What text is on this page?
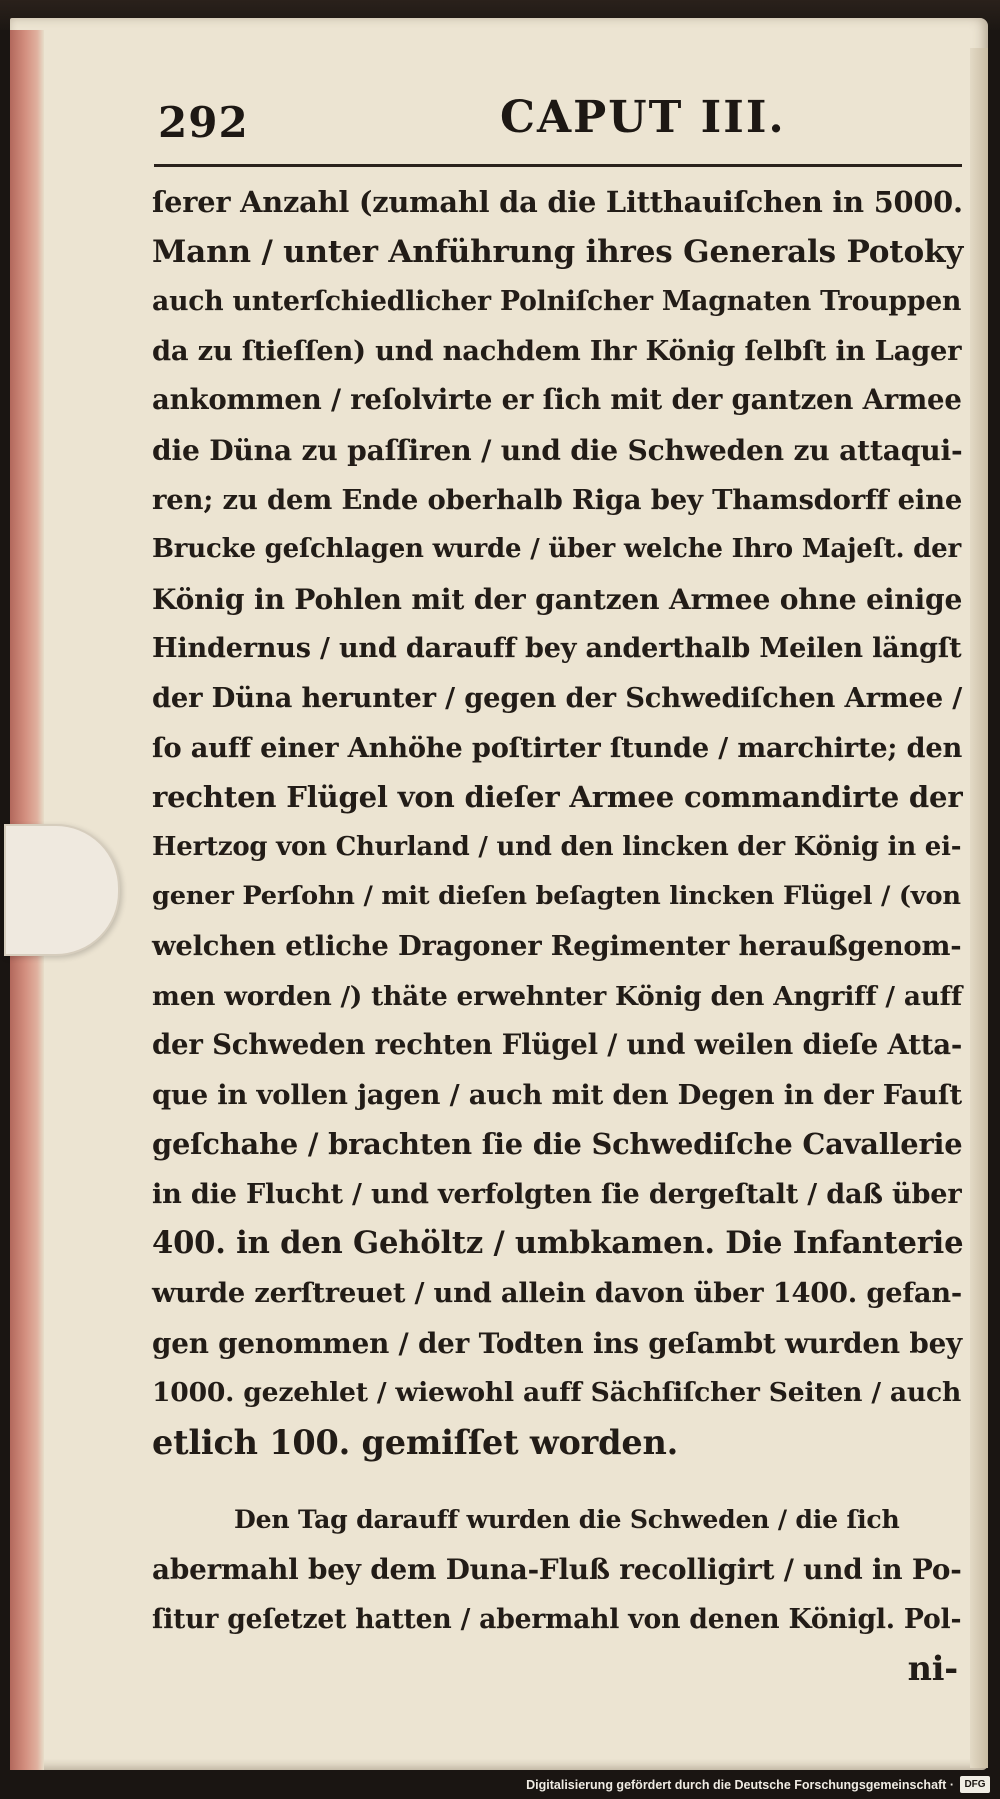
292	CAPUT III.
ſerer Anzahl (zumahl da die Litthauiſchen in 5000.
Mann / unter Anführung ihres Generals Potoky
auch unterſchiedlicher Polniſcher Magnaten Trouppen
da zu ſtieſſen) und nachdem Ihr König ſelbſt in Lager
ankommen / reſolvirte er ſich mit der gantzen Armee
die Düna zu paſſiren / und die Schweden zu attaqui-
ren; zu dem Ende oberhalb Riga bey Thamsdorff eine
Brucke geſchlagen wurde / über welche Ihro Majeſt. der
König in Pohlen mit der gantzen Armee ohne einige
Hindernus / und darauff bey anderthalb Meilen längſt
der Düna herunter / gegen der Schwediſchen Armee /
ſo auff einer Anhöhe poſtirter ſtunde / marchirte; den
rechten Flügel von dieſer Armee commandirte der
Hertzog von Churland / und den lincken der König in ei-
gener Perſohn / mit dieſen beſagten lincken Flügel / (von
welchen etliche Dragoner Regimenter heraußgenom-
men worden /) thäte erwehnter König den Angriff / auff
der Schweden rechten Flügel / und weilen dieſe Atta-
que in vollen jagen / auch mit den Degen in der Fauſt
geſchahe / brachten ſie die Schwediſche Cavallerie
in die Flucht / und verfolgten ſie dergeſtalt / daß über
400. in den Gehöltz / umbkamen. Die Infanterie
wurde zerſtreuet / und allein davon über 1400. gefan-
gen genommen / der Todten ins geſambt wurden bey
1000. gezehlet / wiewohl auff Sächſiſcher Seiten / auch
etlich 100. gemiſſet worden.
Den Tag darauff wurden die Schweden / die ſich
abermahl bey dem Duna-Fluß recolligirt / und in Po-
ſitur geſetzet hatten / abermahl von denen Königl. Pol-
ni-
Digitalisierung gefördert durch die Deutsche Forschungsgemeinschaft ·	DFG
